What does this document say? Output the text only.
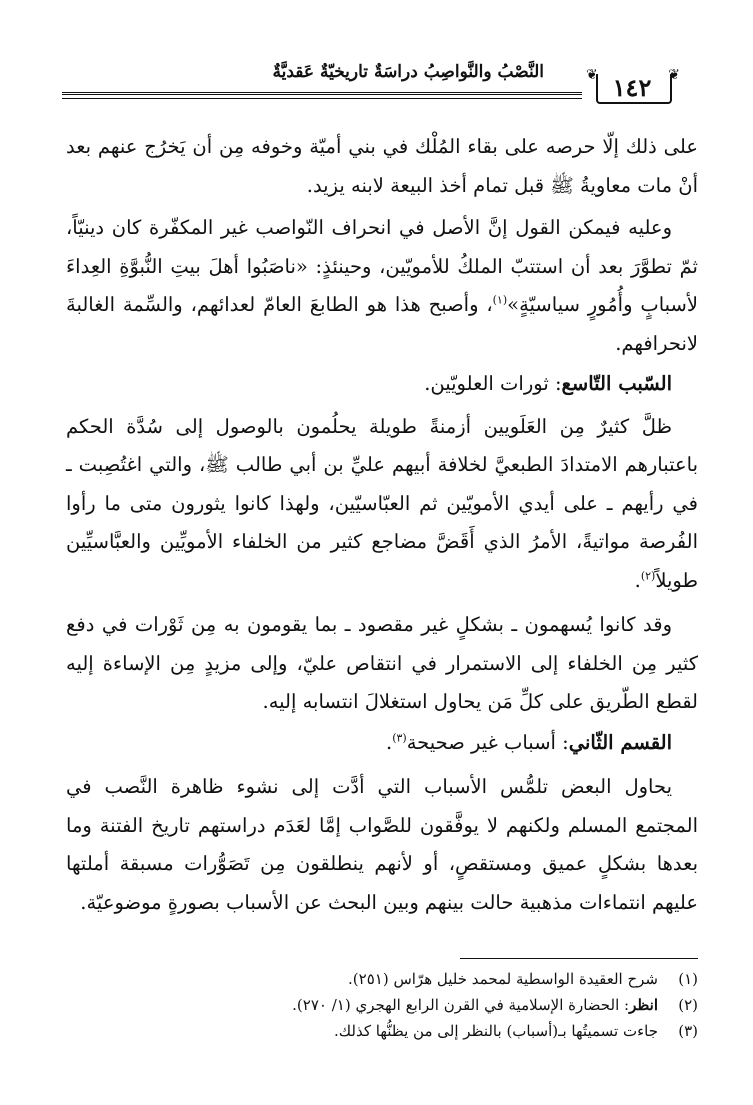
النَّصْبُ والنَّواصِبُ دراسَةٌ تاريخيّةٌ عَقديَّةٌ	❦ ١٤٢	❦

على ذلك إلّا حرصه على بقاء المُلْك في بني أميّة وخوفه مِن أن يَخرُج عنهم بعد أنْ مات معاويةُ ﷺ قبل تمام أخذ البيعة لابنه يزيد.

وعليه فيمكن القول إنَّ الأصل في انحراف النّواصب غير المكفّرة كان دينيّاً، ثمّ تطوَّرَ بعد أن استتبّ الملكُ للأمويّين، وحينئذٍ: «ناصَبُوا أهلَ بيتِ النُّبوَّةِ العِداءَ لأسبابٍ وأُمُورٍ سياسيّةٍ»$^{(١)}$، وأصبح هذا هو الطابعَ العامّ لعدائهم، والسِّمة الغالبةَ لانحرافهم.

السّبب التّاسع: ثورات العلويّين.

ظلَّ كثيرٌ مِن العَلَويين أزمنةً طويلة يحلُمون بالوصول إلى سُدَّة الحكم باعتبارهم الامتدادَ الطبعيَّ لخلافة أبيهم عليِّ بن أبي طالب ﷺ، والتي اغتُصِبت ـ في رأيهم ـ على أيدي الأمويّين ثم العبّاسيّين، ولهذا كانوا يثورون متى ما رأوا الفُرصة مواتيةً، الأمرُ الذي أَقَضَّ مضاجع كثير من الخلفاء الأمويِّين والعبَّاسيِّين طويلاً$^{(٢)}$.

وقد كانوا يُسهمون ـ بشكلٍ غير مقصود ـ بما يقومون به مِن ثَوْرات في دفع كثير مِن الخلفاء إلى الاستمرار في انتقاص عليّ، وإلى مزيدٍ مِن الإساءة إليه لقطع الطّريق على كلِّ مَن يحاول استغلالَ انتسابه إليه.

القسم الثّاني: أسباب غير صحيحة$^{(٣)}$.

يحاول البعض تلمُّس الأسباب التي أدَّت إلى نشوء ظاهرة النَّصب في المجتمع المسلم ولكنهم لا يوفَّقون للصَّواب إمَّا لعَدَم دراستهم تاريخ الفتنة وما بعدها بشكلٍ عميق ومستقصٍ، أو لأنهم ينطلقون مِن تَصَوُّرات مسبقة أملتها عليهم انتماءات مذهبية حالت بينهم وبين البحث عن الأسباب بصورةٍ موضوعيّة.

(١)شرح العقيدة الواسطية لمحمد خليل هرّاس (٢٥١).
(٢)انظر: الحضارة الإسلامية في القرن الرابع الهجري (١/ ٢٧٠).
(٣)جاءت تسميتُها بـ(أسباب) بالنظر إلى من يظنُّها كذلك.
